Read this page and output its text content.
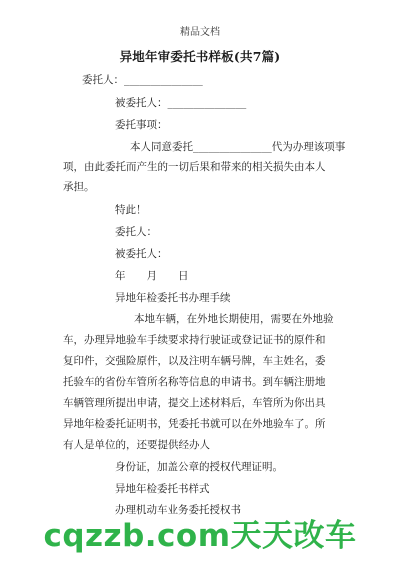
精品文档
异地年审委托书样板(共7篇)
委托人：_______________
被委托人：_______________
委托事项：
本人同意委托_______________代为办理该项事
项，由此委托而产生的一切后果和带来的相关损失由本人
承担。
特此！
委托人：
被委托人：
年　　月　　日
异地年检委托书办理手续
本地车辆，在外地长期使用，需要在外地验
车，办理异地验车手续要求持行驶证或登记证书的原件和
复印件，交强险原件，以及注明车辆号牌，车主姓名，委
托验车的省份车管所名称等信息的申请书。到车辆注册地
车辆管理所提出申请，提交上述材料后，车管所为你出具
异地年检委托证明书，凭委托书就可以在外地验车了。所
有人是单位的，还要提供经办人
身份证，加盖公章的授权代理证明。
异地年检委托书样式
办理机动车业务委托授权书
cqzzb.com天天改车
